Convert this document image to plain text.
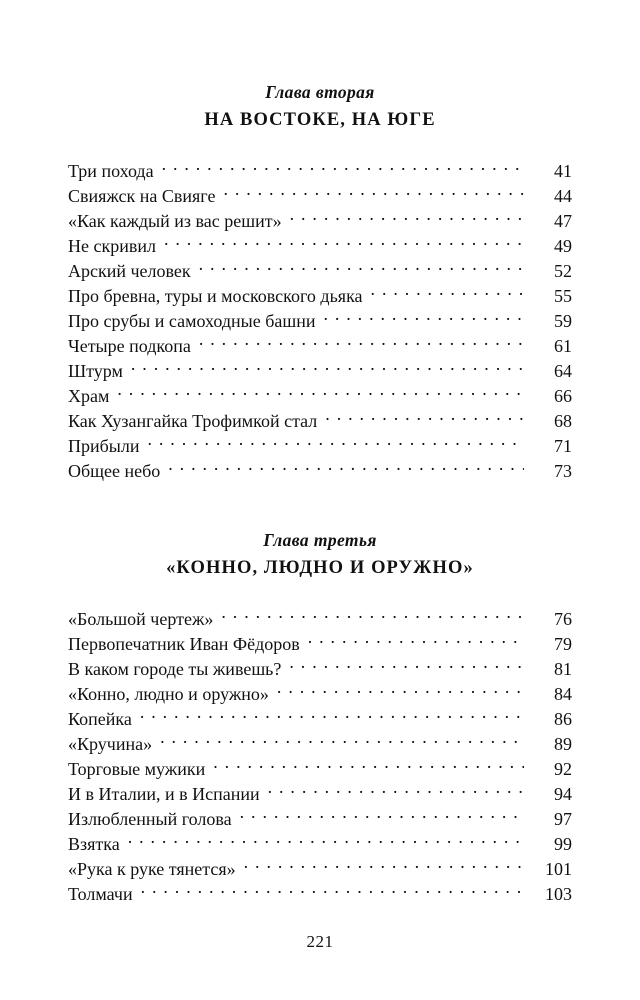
Глава вторая
НА ВОСТОКЕ, НА ЮГЕ
Три похода . . .	41
Свияжск на Свияге . . .	44
«Как каждый из вас решит» . . .	47
Не скривил . . .	49
Арский человек . . .	52
Про бревна, туры и московского дьяка . . .	55
Про срубы и самоходные башни . . .	59
Четыре подкопа . . .	61
Штурм . . .	64
Храм . . .	66
Как Хузангайка Трофимкой стал . . .	68
Прибыли . . .	71
Общее небо . . .	73
Глава третья
«КОННО, ЛЮДНО И ОРУЖНО»
«Большой чертеж» . . .	76
Первопечатник Иван Фёдоров . . .	79
В каком городе ты живешь? . . .	81
«Конно, людно и оружно» . . .	84
Копейка . . .	86
«Кручина» . . .	89
Торговые мужики . . .	92
И в Италии, и в Испании . . .	94
Излюбленный голова . . .	97
Взятка . . .	99
«Рука к руке тянется» . . .	101
Толмачи . . .	103
221
